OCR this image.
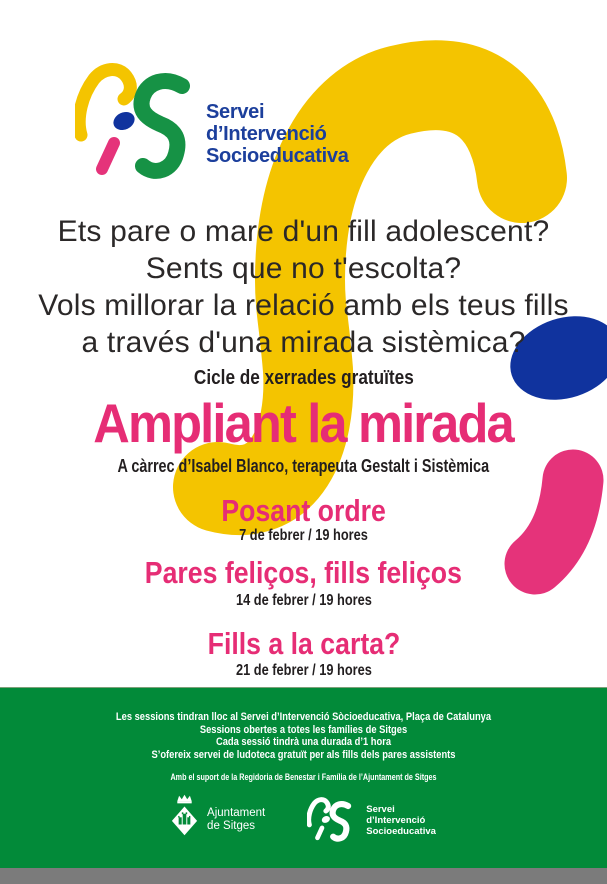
Servei
d’Intervenció
Socioeducativa
Ets pare o mare d'un fill adolescent?
Sents que no t'escolta?
Vols millorar la relació amb els teus fills
a través d'una mirada sistèmica?
Cicle de xerrades gratuïtes
Ampliant la mirada
A càrrec d’Isabel Blanco, terapeuta Gestalt i Sistèmica
Posant ordre
7 de febrer / 19 hores
Pares feliços, fills feliços
14 de febrer / 19 hores
Fills a la carta?
21 de febrer / 19 hores
Les sessions tindran lloc al Servei d’Intervenció Sòcioeducativa, Plaça de Catalunya
Sessions obertes a totes les famílies de Sitges
Cada sessió tindrà una durada d’1 hora
S’ofereix servei de ludoteca gratuït per als fills dels pares assistents
Amb el suport de la Regidoria de Benestar i Família de l’Ajuntament de Sitges
Ajuntament
de Sitges
Servei
d’Intervenció
Socioeducativa
